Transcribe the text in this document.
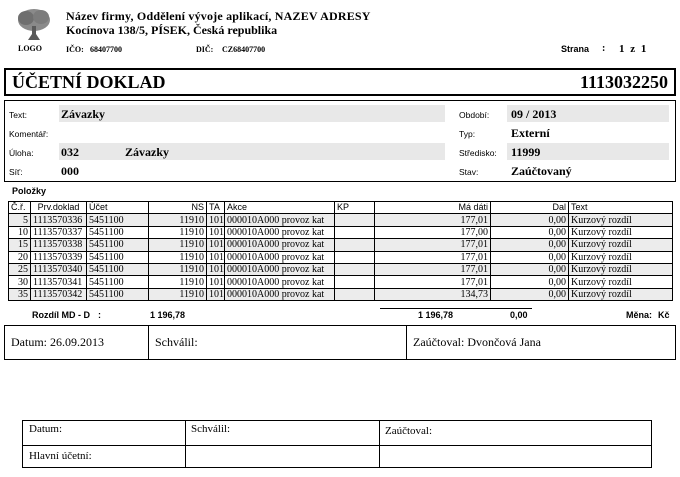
LOGO
Název firmy, Oddělení vývoje aplikací, NAZEV ADRESY
Kocínova 138/5, PÍSEK, Česká republika
IČO: 68407700	DIČ: CZ68407700	Strana : 1 z 1
ÚČETNÍ DOKLAD	1113032250
Text:	Závazky
Komentář:
Úloha: 032	Závazky
Síť:	000
Období: 09 / 2013
Typ:	Externí
Středisko: 11999
Stav:	Zaúčtovaný
Položky
Č.ř.	Prv.doklad	Účet	NS	TA	Akce	KP	Má dáti	Dal	Text
5	1113570336	5451100	11910	101	000010A000 provoz kat		177,01	0,00	Kurzový rozdíl
10	1113570337	5451100	11910	101	000010A000 provoz kat		177,00	0,00	Kurzový rozdíl
15	1113570338	5451100	11910	101	000010A000 provoz kat		177,01	0,00	Kurzový rozdíl
20	1113570339	5451100	11910	101	000010A000 provoz kat		177,01	0,00	Kurzový rozdíl
25	1113570340	5451100	11910	101	000010A000 provoz kat		177,01	0,00	Kurzový rozdíl
30	1113570341	5451100	11910	101	000010A000 provoz kat		177,01	0,00	Kurzový rozdíl
35	1113570342	5451100	11910	101	000010A000 provoz kat		134,73	0,00	Kurzový rozdíl
Rozdíl MD - D :	1 196,78	1 196,78	0,00	Měna: Kč
Datum: 26.09.2013	Schválil:	Zaúčtoval: Dvončová Jana
Datum:	Schválil:	Zaúčtoval:
Hlavní účetní:
